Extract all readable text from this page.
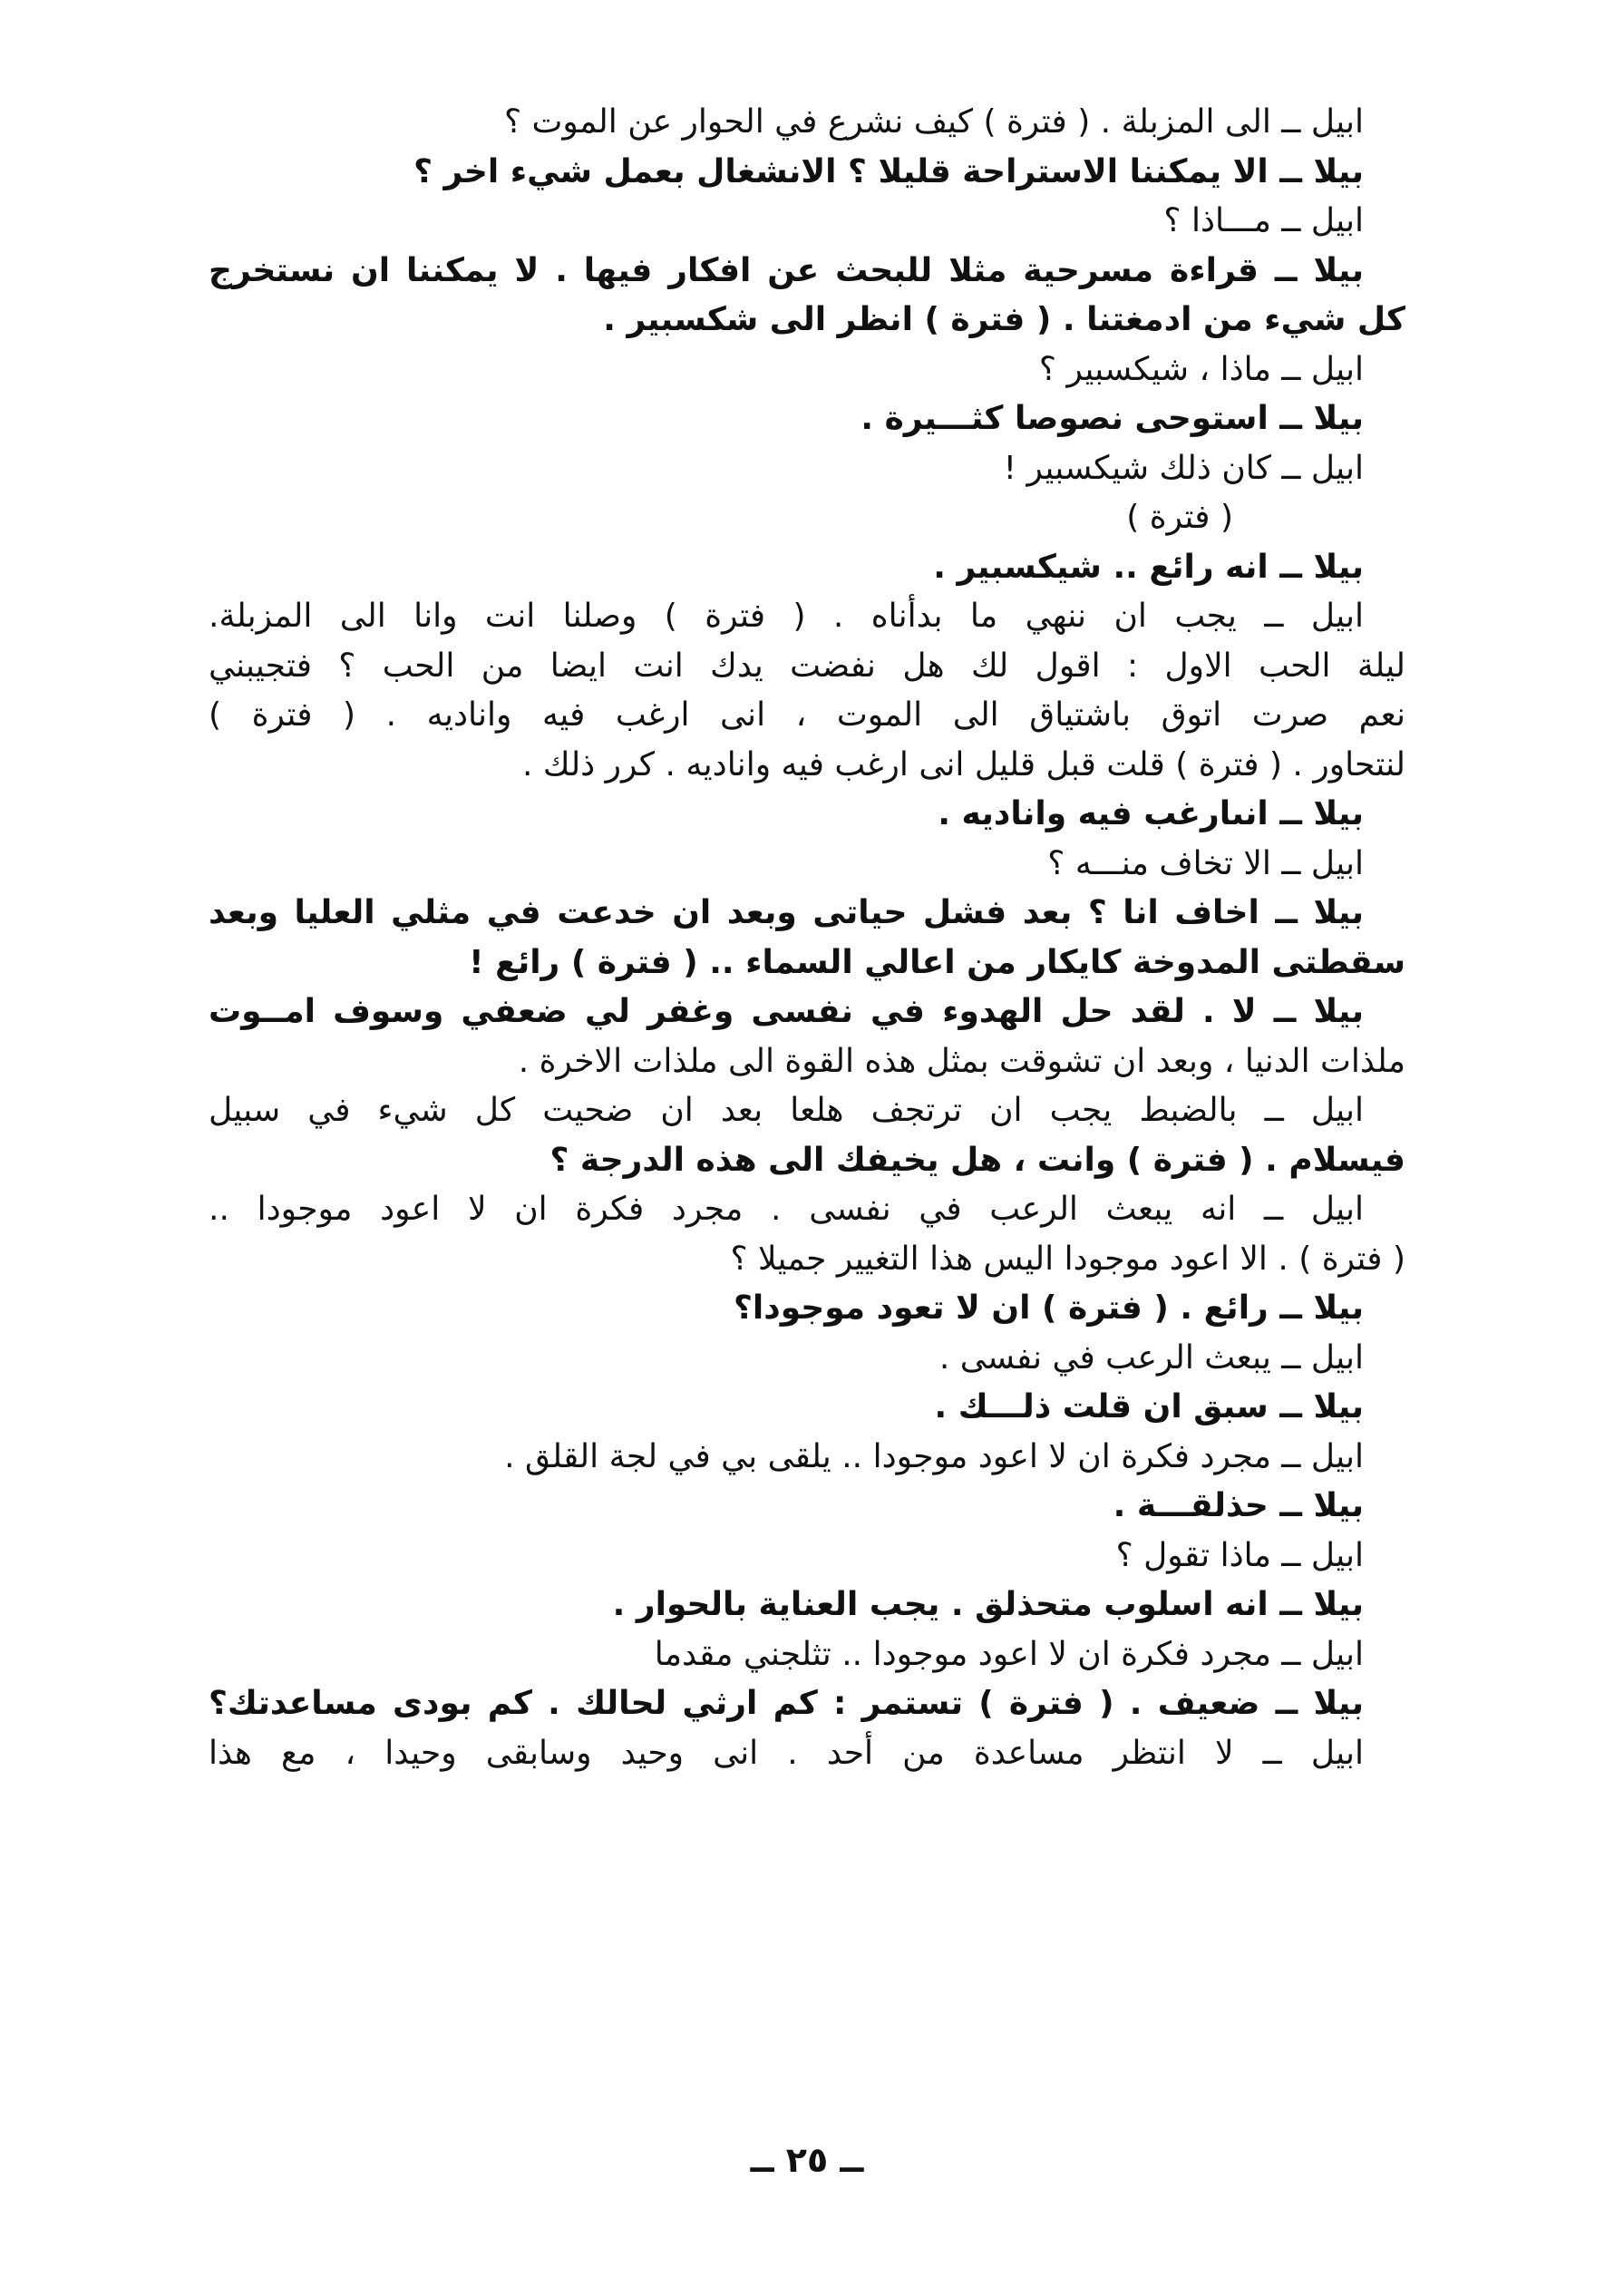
ابيل ــ الى المزبلة . ( فترة ) كيف نشرع في الحوار عن الموت ؟
بيلا ــ الا يمكننا الاستراحة قليلا ؟ الانشغال بعمل شيء اخر ؟
ابيل ــ مـــاذا ؟
بيلا ــ قراءة مسرحية مثلا للبحث عن افكار فيها . لا يمكننا ان نستخرج
كل شيء من ادمغتنا . ( فترة ) انظر الى شكسبير .
ابيل ــ ماذا ، شيكسبير ؟
بيلا ــ استوحى نصوصا كثـــيرة .
ابيل ــ كان ذلك شيكسبير !
( فترة )
بيلا ــ انه رائع .. شيكسبير .
ابيل ــ يجب ان ننهي ما بدأناه . ( فترة ) وصلنا انت وانا الى المزبلة.
ليلة الحب الاول : اقول لك هل نفضت يدك انت ايضا من الحب ؟ فتجيبني
نعم صرت اتوق باشتياق الى الموت ، انى ارغب فيه واناديه . ( فترة )
لنتحاور . ( فترة ) قلت قبل قليل انى ارغب فيه واناديه . كرر ذلك .
بيلا ــ انىارغب فيه واناديه .
ابيل ــ الا تخاف منـــه ؟
بيلا ــ اخاف انا ؟ بعد فشل حياتى وبعد ان خدعت في مثلي العليا وبعد
سقطتى المدوخة كايكار من اعالي السماء .. ( فترة ) رائع !
بيلا ــ لا . لقد حل الهدوء في نفسى وغفر لي ضعفي وسوف امــوت
ملذات الدنيا ، وبعد ان تشوقت بمثل هذه القوة الى ملذات الاخرة .
ابيل ــ بالضبط يجب ان ترتجف هلعا بعد ان ضحيت كل شيء في سبيل
فيسلام . ( فترة ) وانت ، هل يخيفك الى هذه الدرجة ؟
ابيل ــ انه يبعث الرعب في نفسى . مجرد فكرة ان لا اعود موجودا ..
( فترة ) . الا اعود موجودا اليس هذا التغيير جميلا ؟
بيلا ــ رائع . ( فترة ) ان لا تعود موجودا؟
ابيل ــ يبعث الرعب في نفسى .
بيلا ــ سبق ان قلت ذلـــك .
ابيل ــ مجرد فكرة ان لا اعود موجودا .. يلقى بي في لجة القلق .
بيلا ــ حذلقـــة .
ابيل ــ ماذا تقول ؟
بيلا ــ انه اسلوب متحذلق . يجب العناية بالحوار .
ابيل ــ مجرد فكرة ان لا اعود موجودا .. تثلجني مقدما
بيلا ــ ضعيف . ( فترة ) تستمر : كم ارثي لحالك . كم بودى مساعدتك؟
ابيل ــ لا انتظر مساعدة من أحد . انى وحيد وسابقى وحيدا ، مع هذا
ــ ٢٥ ــ
